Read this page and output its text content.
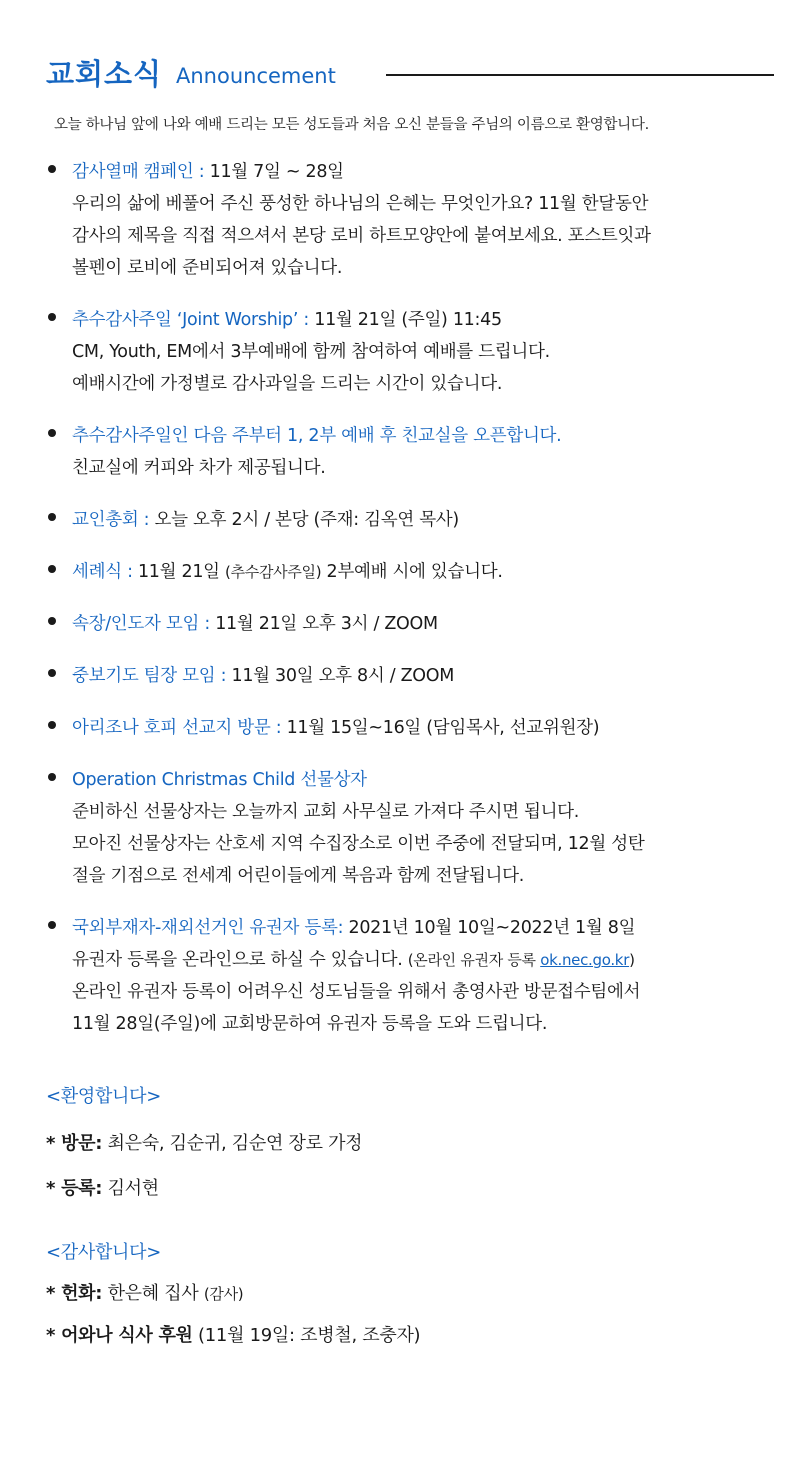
교회소식 Announcement
오늘 하나님 앞에 나와 예배 드리는 모든 성도들과 처음 오신 분들을 주님의 이름으로 환영합니다.
감사열매 캠페인 : 11월 7일 ~ 28일
우리의 삶에 베풀어 주신 풍성한 하나님의 은혜는 무엇인가요? 11월 한달동안
감사의 제목을 직접 적으셔서 본당 로비 하트모양안에 붙여보세요. 포스트잇과
볼펜이 로비에 준비되어져 있습니다.
추수감사주일 ‘Joint Worship’ : 11월 21일 (주일) 11:45
CM, Youth, EM에서 3부예배에 함께 참여하여 예배를 드립니다.
예배시간에 가정별로 감사과일을 드리는 시간이 있습니다.
추수감사주일인 다음 주부터 1, 2부 예배 후 친교실을 오픈합니다.
친교실에 커피와 차가 제공됩니다.
교인총회 : 오늘 오후 2시 / 본당 (주재: 김옥연 목사)
세례식 : 11월 21일 (추수감사주일) 2부예배 시에 있습니다.
속장/인도자 모임 : 11월 21일 오후 3시 / ZOOM
중보기도 팀장 모임 : 11월 30일 오후 8시 / ZOOM
아리조나 호피 선교지 방문 : 11월 15일~16일 (담임목사, 선교위원장)
Operation Christmas Child 선물상자
준비하신 선물상자는 오늘까지 교회 사무실로 가져다 주시면 됩니다.
모아진 선물상자는 산호세 지역 수집장소로 이번 주중에 전달되며, 12월 성탄
절을 기점으로 전세계 어린이들에게 복음과 함께 전달됩니다.
국외부재자-재외선거인 유권자 등록: 2021년 10월 10일~2022년 1월 8일
유권자 등록을 온라인으로 하실 수 있습니다. (온라인 유권자 등록 ok.nec.go.kr)
온라인 유권자 등록이 어려우신 성도님들을 위해서 총영사관 방문접수팀에서
11월 28일(주일)에 교회방문하여 유권자 등록을 도와 드립니다.
<환영합니다>
* 방문: 최은숙, 김순귀, 김순연 장로 가정
* 등록: 김서현
<감사합니다>
* 헌화: 한은혜 집사 (감사)
* 어와나 식사 후원 (11월 19일: 조병철, 조충자)
